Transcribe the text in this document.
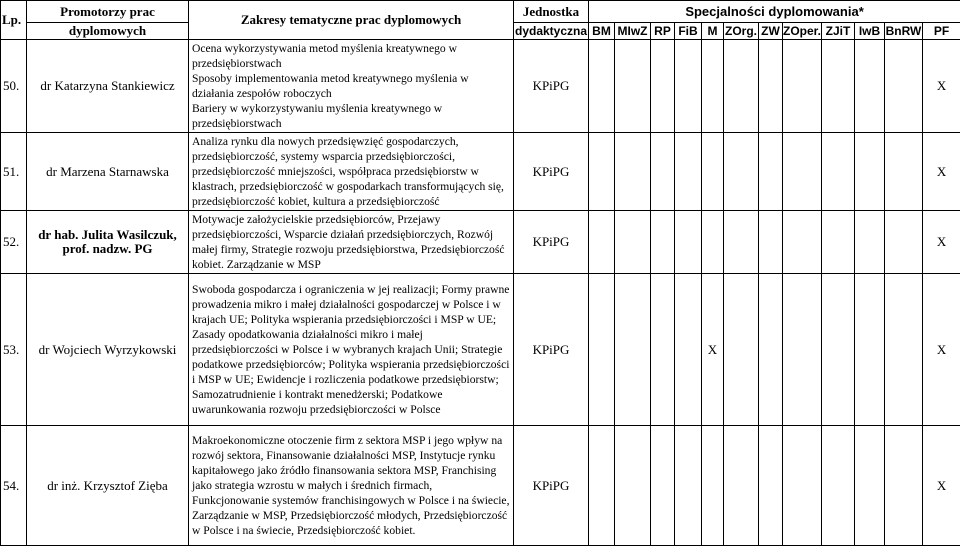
Lp.	Promotorzy prac	Zakresy tematyczne prac dyplomowych	Jednostka	Specjalności dyplomowania*											
	dyplomowych		dydaktyczna	BM	MIwZ	RP	FiB	M	ZOrg.	ZW	ZOper.	ZJiT	IwB	BnRW	PF
50.	dr Katarzyna Stankiewicz	Ocena wykorzystywania metod myślenia kreatywnego w przedsiębiorstwach
Sposoby implementowania metod kreatywnego myślenia w działania zespołów roboczych
Bariery w wykorzystywaniu myślenia kreatywnego w przedsiębiorstwach	KPiPG												X
51.	dr Marzena Starnawska	Analiza rynku dla nowych przedsięwzięć gospodarczych, przedsiębiorczość, systemy wsparcia przedsiębiorczości, przedsiębiorczość mniejszości, współpraca przedsiębiorstw w klastrach, przedsiębiorczość w gospodarkach transformujących się, przedsiębiorczość kobiet, kultura a przedsiębiorczość	KPiPG												X
52.	dr hab. Julita Wasilczuk, prof. nadzw. PG	Motywacje założycielskie przedsiębiorców, Przejawy przedsiębiorczości, Wsparcie działań przedsiębiorczych, Rozwój małej firmy, Strategie rozwoju przedsiębiorstwa, Przedsiębiorczość kobiet. Zarządzanie w MSP	KPiPG												X
53.	dr Wojciech Wyrzykowski	Swoboda gospodarcza i ograniczenia w jej realizacji; Formy prawne prowadzenia mikro i małej działalności gospodarczej w Polsce i w krajach UE; Polityka wspierania przedsiębiorczości i MSP w UE; Zasady opodatkowania działalności mikro i małej przedsiębiorczości w Polsce i w wybranych krajach Unii; Strategie podatkowe przedsiębiorców; Polityka wspierania przedsiębiorczości i MSP w UE; Ewidencje i rozliczenia podatkowe przedsiębiorstw; Samozatrudnienie i kontrakt menedżerski; Podatkowe uwarunkowania rozwoju przedsiębiorczości w Polsce	KPiPG					X							X
54.	dr inż. Krzysztof Zięba	Makroekonomiczne otoczenie firm z sektora MSP i jego wpływ na rozwój sektora, Finansowanie działalności MSP, Instytucje rynku kapitałowego jako źródło finansowania sektora MSP, Franchising jako strategia wzrostu w małych i średnich firmach, Funkcjonowanie systemów franchisingowych w Polsce i na świecie, Zarządzanie w MSP, Przedsiębiorczość młodych, Przedsiębiorczość w Polsce i na świecie, Przedsiębiorczość kobiet.	KPiPG												X
